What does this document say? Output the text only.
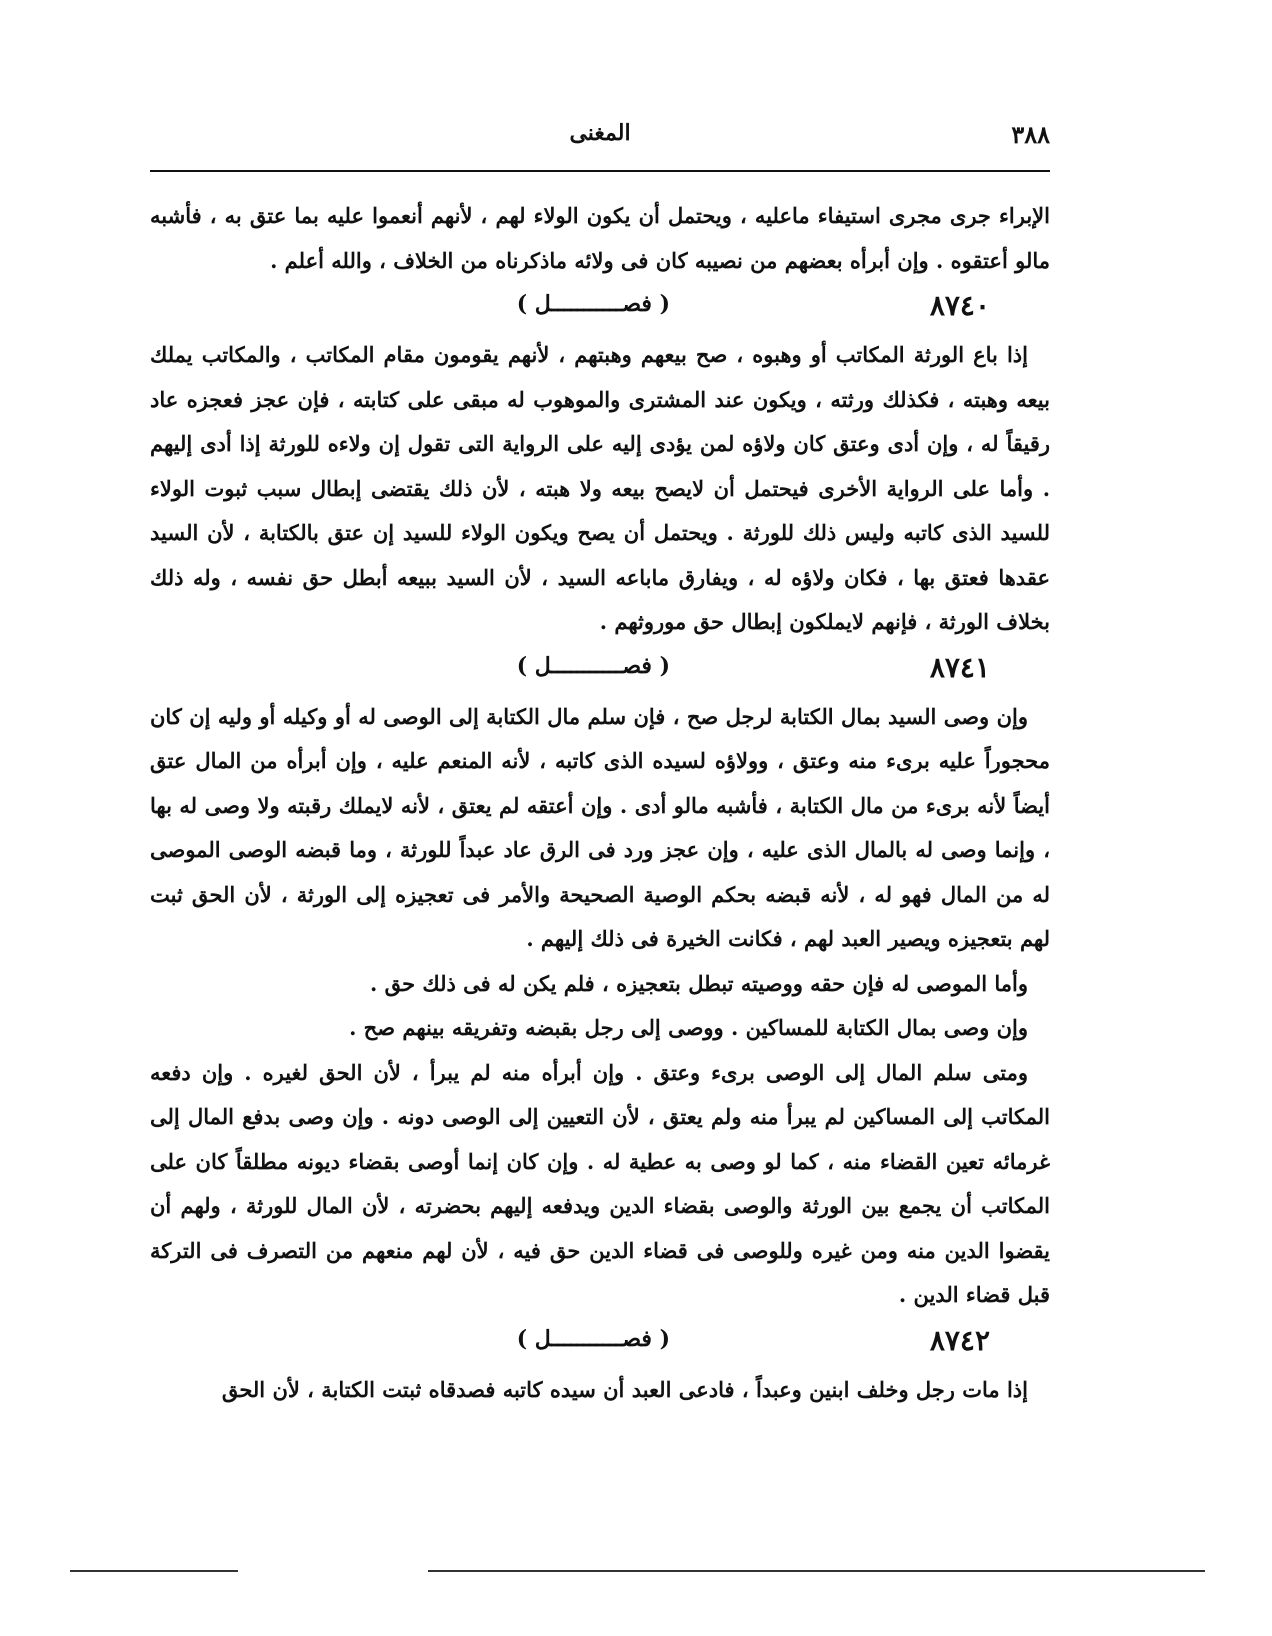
٣٨٨
المغنى

الإبراء جرى مجرى استيفاء ماعليه ، ويحتمل أن يكون الولاء لهم ، لأنهم أنعموا عليه بما عتق به ، فأشبه مالو أعتقوه . وإن أبرأه بعضهم من نصيبه كان فى ولائه ماذكرناه من الخلاف ، والله أعلم .

٨٧٤٠
( فصـــــــــــل )

إذا باع الورثة المكاتب أو وهبوه ، صح بيعهم وهبتهم ، لأنهم يقومون مقام المكاتب ، والمكاتب يملك بيعه وهبته ، فكذلك ورثته ، ويكون عند المشترى والموهوب له مبقى على كتابته ، فإن عجز فعجزه عاد رقيقاً له ، وإن أدى وعتق كان ولاؤه لمن يؤدى إليه على الرواية التى تقول إن ولاءه للورثة إذا أدى إليهم . وأما على الرواية الأخرى فيحتمل أن لايصح بيعه ولا هبته ، لأن ذلك يقتضى إبطال سبب ثبوت الولاء للسيد الذى كاتبه وليس ذلك للورثة . ويحتمل أن يصح ويكون الولاء للسيد إن عتق بالكتابة ، لأن السيد عقدها فعتق بها ، فكان ولاؤه له ، ويفارق ماباعه السيد ، لأن السيد ببيعه أبطل حق نفسه ، وله ذلك بخلاف الورثة ، فإنهم لايملكون إبطال حق موروثهم .

٨٧٤١
( فصـــــــــــل )

وإن وصى السيد بمال الكتابة لرجل صح ، فإن سلم مال الكتابة إلى الوصى له أو وكيله أو وليه إن كان محجوراً عليه برىء منه وعتق ، وولاؤه لسيده الذى كاتبه ، لأنه المنعم عليه ، وإن أبرأه من المال عتق أيضاً لأنه برىء من مال الكتابة ، فأشبه مالو أدى . وإن أعتقه لم يعتق ، لأنه لايملك رقبته ولا وصى له بها ، وإنما وصى له بالمال الذى عليه ، وإن عجز ورد فى الرق عاد عبداً للورثة ، وما قبضه الوصى الموصى له من المال فهو له ، لأنه قبضه بحكم الوصية الصحيحة والأمر فى تعجيزه إلى الورثة ، لأن الحق ثبت لهم بتعجيزه ويصير العبد لهم ، فكانت الخيرة فى ذلك إليهم .

وأما الموصى له فإن حقه ووصيته تبطل بتعجيزه ، فلم يكن له فى ذلك حق .

وإن وصى بمال الكتابة للمساكين . ووصى إلى رجل بقبضه وتفريقه بينهم صح .

ومتى سلم المال إلى الوصى برىء وعتق . وإن أبرأه منه لم يبرأ ، لأن الحق لغيره . وإن دفعه المكاتب إلى المساكين لم يبرأ منه ولم يعتق ، لأن التعيين إلى الوصى دونه . وإن وصى بدفع المال إلى غرمائه تعين القضاء منه ، كما لو وصى به عطية له . وإن كان إنما أوصى بقضاء ديونه مطلقاً كان على المكاتب أن يجمع بين الورثة والوصى بقضاء الدين ويدفعه إليهم بحضرته ، لأن المال للورثة ، ولهم أن يقضوا الدين منه ومن غيره وللوصى فى قضاء الدين حق فيه ، لأن لهم منعهم من التصرف فى التركة قبل قضاء الدين .

٨٧٤٢
( فصـــــــــــل )

إذا مات رجل وخلف ابنين وعبداً ، فادعى العبد أن سيده كاتبه فصدقاه ثبتت الكتابة ، لأن الحق
